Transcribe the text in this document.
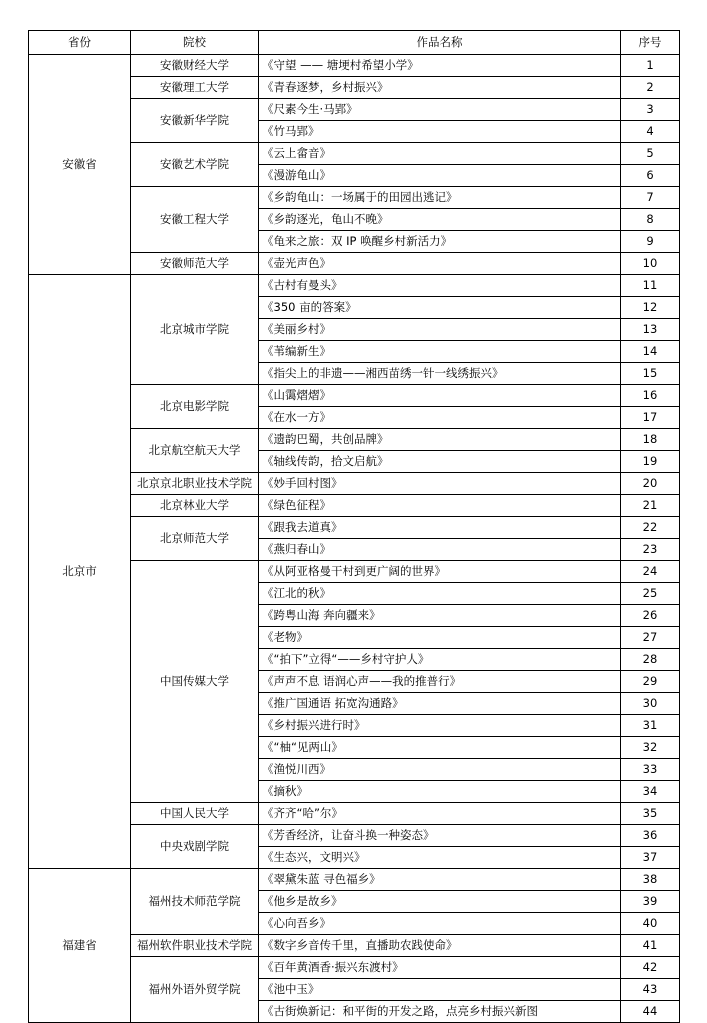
省份	院校	作品名称	序号
安徽省	安徽财经大学	《守望 —— 塘埂村希望小学》	1
	安徽理工大学	《青春逐梦，乡村振兴》	2
	安徽新华学院	《尺素今生·马郢》	3
		《竹马郢》	4
	安徽艺术学院	《云上畲音》	5
		《漫游龟山》	6
	安徽工程大学	《乡韵龟山：一场属于的田园出逃记》	7
		《乡韵逐光，龟山不晚》	8
		《龟来之旅：双 IP 唤醒乡村新活力》	9
	安徽师范大学	《壶光声色》	10
北京市	北京城市学院	《古村有曼头》	11
		《350 亩的答案》	12
		《美丽乡村》	13
		《苇编新生》	14
		《指尖上的非遗——湘西苗绣一针一线绣振兴》	15
	北京电影学院	《山霭熠熠》	16
		《在水一方》	17
	北京航空航天大学	《遗韵巴蜀，共创品牌》	18
		《轴线传韵，拾文启航》	19
	北京京北职业技术学院	《妙手回村图》	20
	北京林业大学	《绿色征程》	21
	北京师范大学	《跟我去道真》	22
		《燕归春山》	23
	中国传媒大学	《从阿亚格曼干村到更广阔的世界》	24
		《江北的秋》	25
		《跨粤山海 奔向疆来》	26
		《老物》	27
		《“拍下”立得“——乡村守护人》	28
		《声声不息 语润心声——我的推普行》	29
		《推广国通语 拓宽沟通路》	30
		《乡村振兴进行时》	31
		《“柚“见两山》	32
		《渔悦川西》	33
		《摘秋》	34
	中国人民大学	《齐齐“哈”尔》	35
	中央戏剧学院	《芳香经济，让奋斗换一种姿态》	36
		《生态兴，文明兴》	37
福建省	福州技术师范学院	《翠黛朱蓝 寻色福乡》	38
		《他乡是故乡》	39
		《心向吾乡》	40
	福州软件职业技术学院	《数字乡音传千里，直播助农践使命》	41
	福州外语外贸学院	《百年黄酒香·振兴东渡村》	42
		《池中玉》	43
		《古街焕新记：和平街的开发之路，点亮乡村振兴新图	44
